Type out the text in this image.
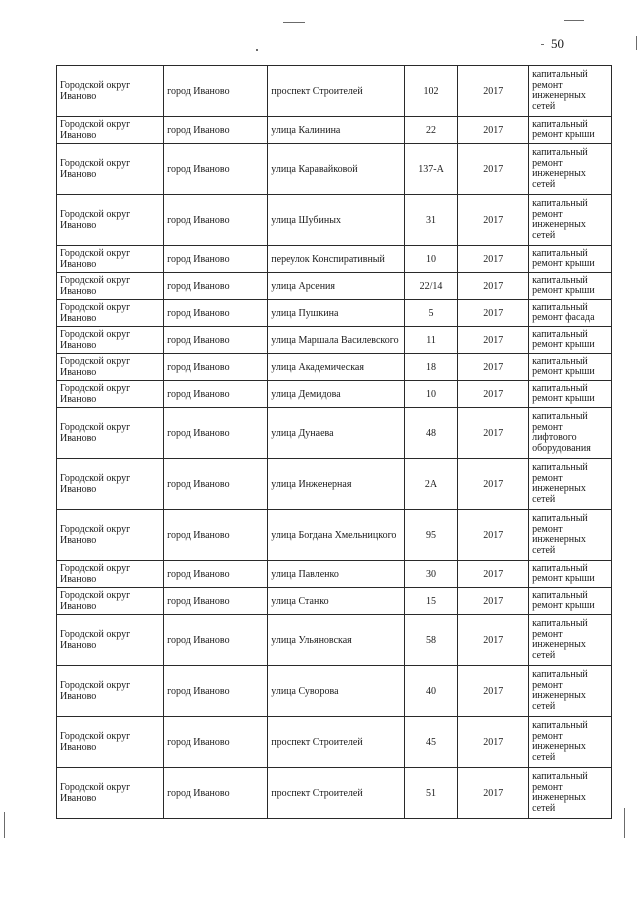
50
Городской округ Иваново	город Иваново	проспект Строителей	102	2017	капитальный ремонт инженерных сетей
Городской округ Иваново	город Иваново	улица Калинина	22	2017	капитальный ремонт крыши
Городской округ Иваново	город Иваново	улица Каравайковой	137-А	2017	капитальный ремонт инженерных сетей
Городской округ Иваново	город Иваново	улица Шубиных	31	2017	капитальный ремонт инженерных сетей
Городской округ Иваново	город Иваново	переулок Конспиративный	10	2017	капитальный ремонт крыши
Городской округ Иваново	город Иваново	улица Арсения	22/14	2017	капитальный ремонт крыши
Городской округ Иваново	город Иваново	улица Пушкина	5	2017	капитальный ремонт фасада
Городской округ Иваново	город Иваново	улица Маршала Василевского	11	2017	капитальный ремонт крыши
Городской округ Иваново	город Иваново	улица Академическая	18	2017	капитальный ремонт крыши
Городской округ Иваново	город Иваново	улица Демидова	10	2017	капитальный ремонт крыши
Городской округ Иваново	город Иваново	улица Дунаева	48	2017	капитальный ремонт лифтового оборудования
Городской округ Иваново	город Иваново	улица Инженерная	2А	2017	капитальный ремонт инженерных сетей
Городской округ Иваново	город Иваново	улица Богдана Хмельницкого	95	2017	капитальный ремонт инженерных сетей
Городской округ Иваново	город Иваново	улица Павленко	30	2017	капитальный ремонт крыши
Городской округ Иваново	город Иваново	улица Станко	15	2017	капитальный ремонт крыши
Городской округ Иваново	город Иваново	улица Ульяновская	58	2017	капитальный ремонт инженерных сетей
Городской округ Иваново	город Иваново	улица Суворова	40	2017	капитальный ремонт инженерных сетей
Городской округ Иваново	город Иваново	проспект Строителей	45	2017	капитальный ремонт инженерных сетей
Городской округ Иваново	город Иваново	проспект Строителей	51	2017	капитальный ремонт инженерных сетей
